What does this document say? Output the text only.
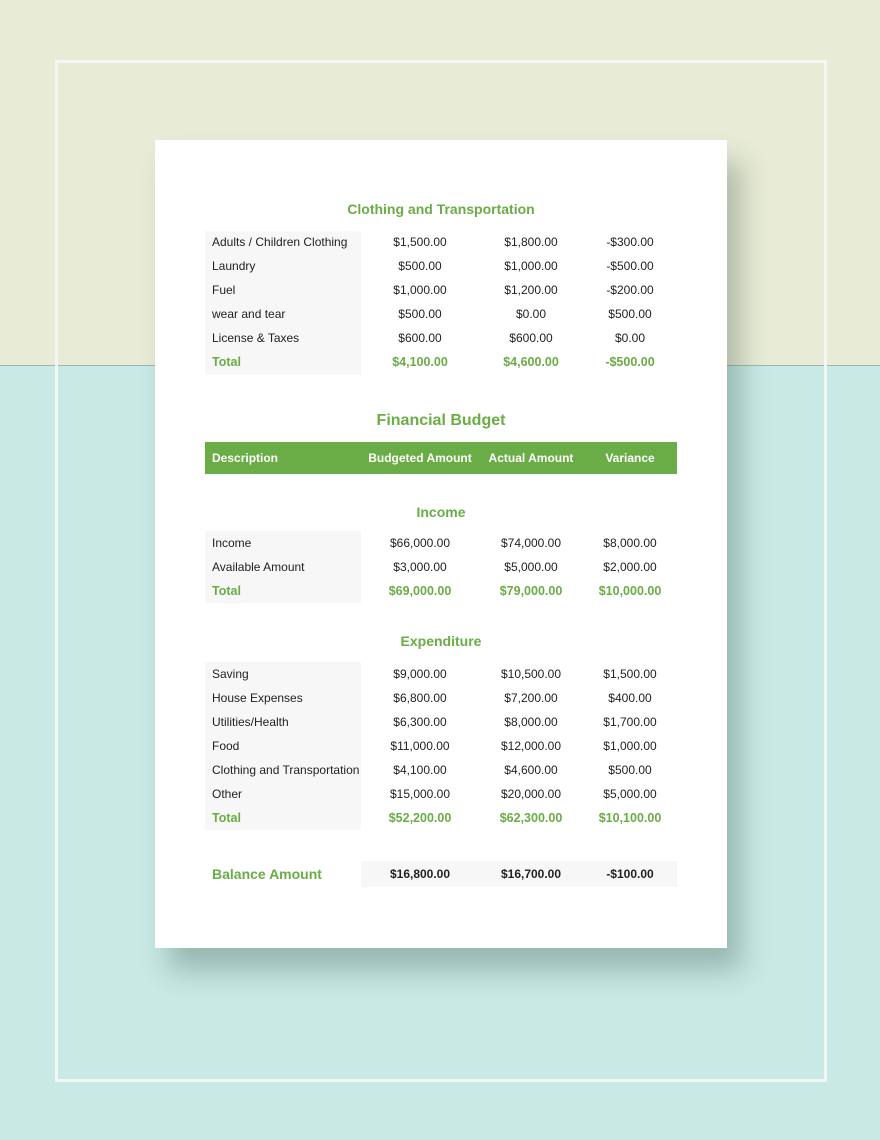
Clothing and Transportation
Adults / Children Clothing	$1,500.00	$1,800.00	-$300.00
Laundry	$500.00	$1,000.00	-$500.00
Fuel	$1,000.00	$1,200.00	-$200.00
wear and tear	$500.00	$0.00	$500.00
License & Taxes	$600.00	$600.00	$0.00
Total	$4,100.00	$4,600.00	-$500.00
Financial Budget
Description	Budgeted Amount	Actual Amount	Variance
Income
Income	$66,000.00	$74,000.00	$8,000.00
Available Amount	$3,000.00	$5,000.00	$2,000.00
Total	$69,000.00	$79,000.00	$10,000.00
Expenditure
Saving	$9,000.00	$10,500.00	$1,500.00
House Expenses	$6,800.00	$7,200.00	$400.00
Utilities/Health	$6,300.00	$8,000.00	$1,700.00
Food	$11,000.00	$12,000.00	$1,000.00
Clothing and Transportation	$4,100.00	$4,600.00	$500.00
Other	$15,000.00	$20,000.00	$5,000.00
Total	$52,200.00	$62,300.00	$10,100.00
Balance Amount	$16,800.00	$16,700.00	-$100.00
